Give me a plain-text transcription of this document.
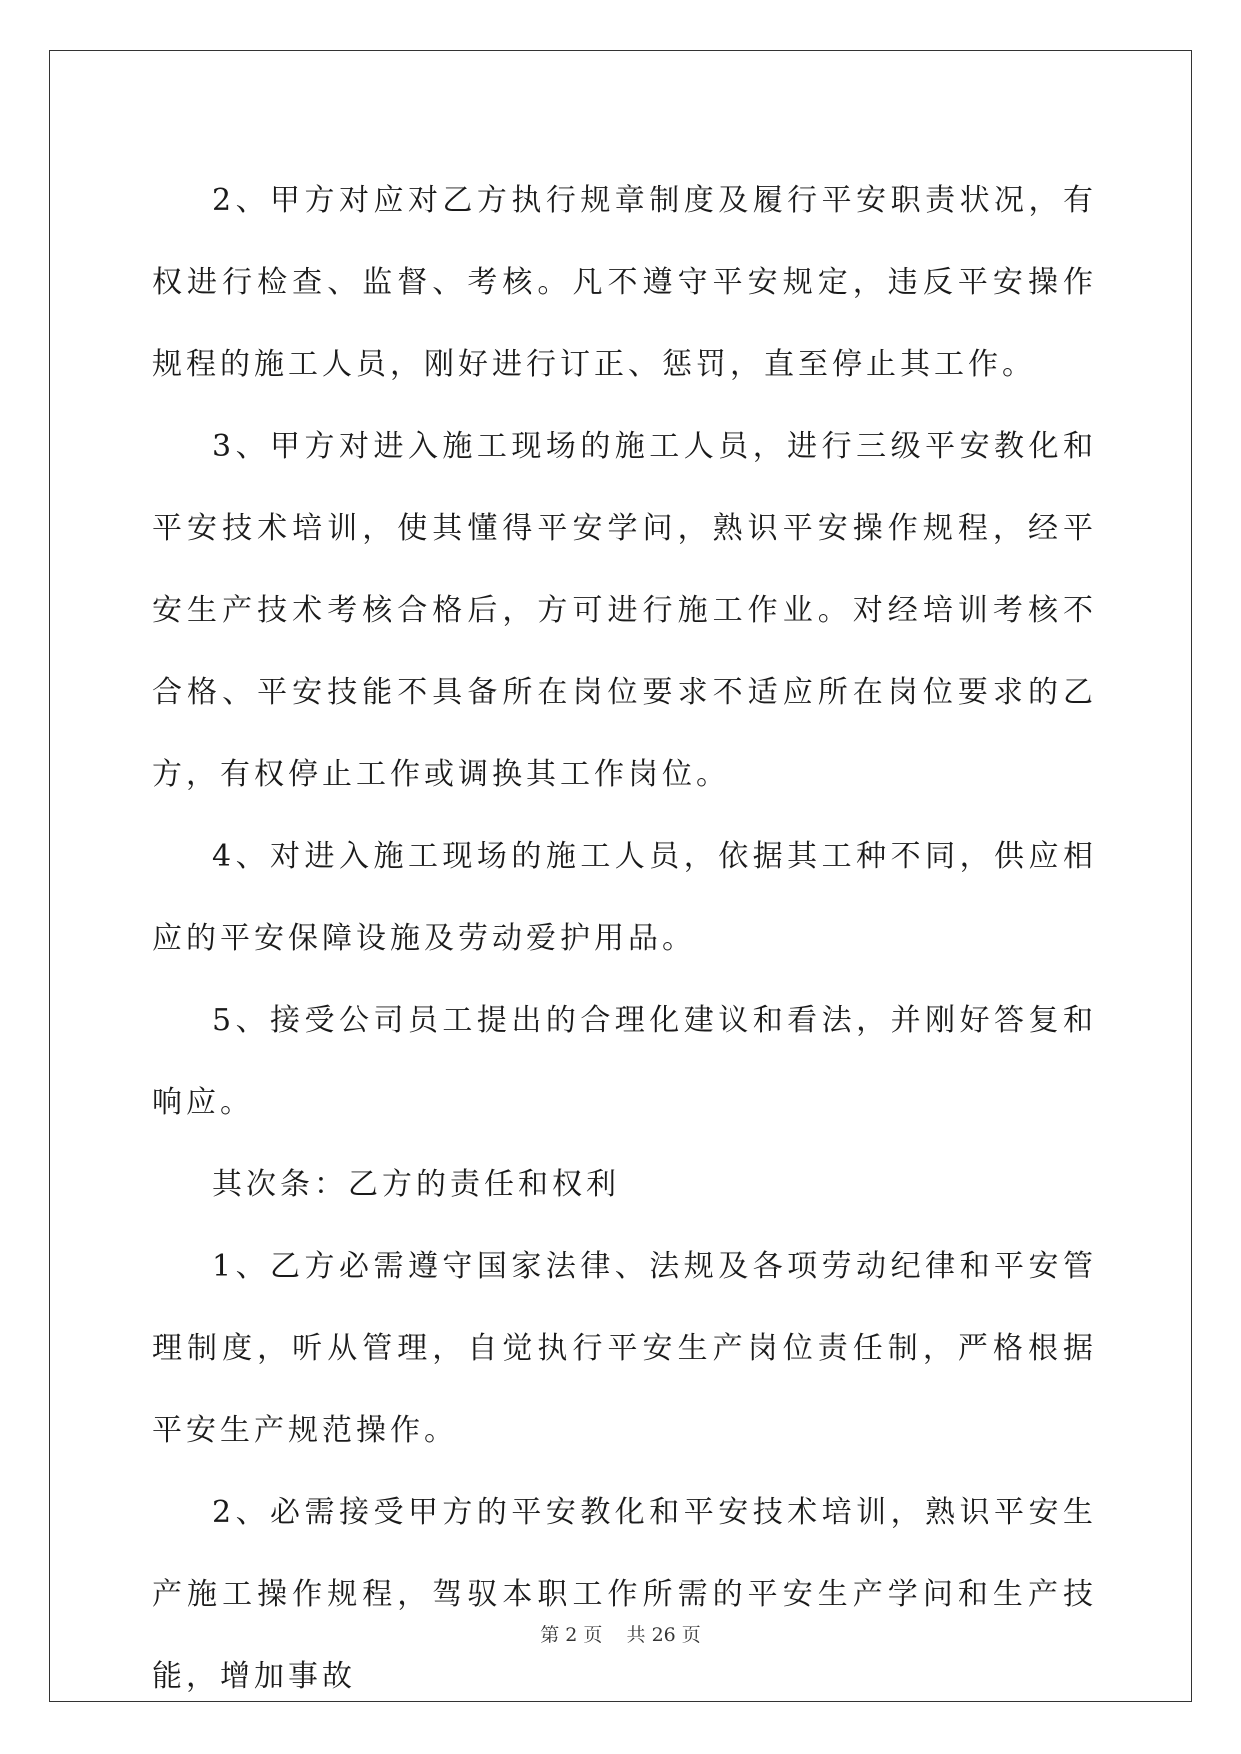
2、甲方对应对乙方执行规章制度及履行平安职责状况，有权进行检查、监督、考核。凡不遵守平安规定，违反平安操作规程的施工人员，刚好进行订正、惩罚，直至停止其工作。

3、甲方对进入施工现场的施工人员，进行三级平安教化和平安技术培训，使其懂得平安学问，熟识平安操作规程，经平安生产技术考核合格后，方可进行施工作业。对经培训考核不合格、平安技能不具备所在岗位要求不适应所在岗位要求的乙方，有权停止工作或调换其工作岗位。

4、对进入施工现场的施工人员，依据其工种不同，供应相应的平安保障设施及劳动爱护用品。

5、接受公司员工提出的合理化建议和看法，并刚好答复和响应。

其次条：乙方的责任和权利

1、乙方必需遵守国家法律、法规及各项劳动纪律和平安管理制度，听从管理，自觉执行平安生产岗位责任制，严格根据平安生产规范操作。

2、必需接受甲方的平安教化和平安技术培训，熟识平安生产施工操作规程，驾驭本职工作所需的平安生产学问和生产技能，增加事故

第 2 页 共 26 页
